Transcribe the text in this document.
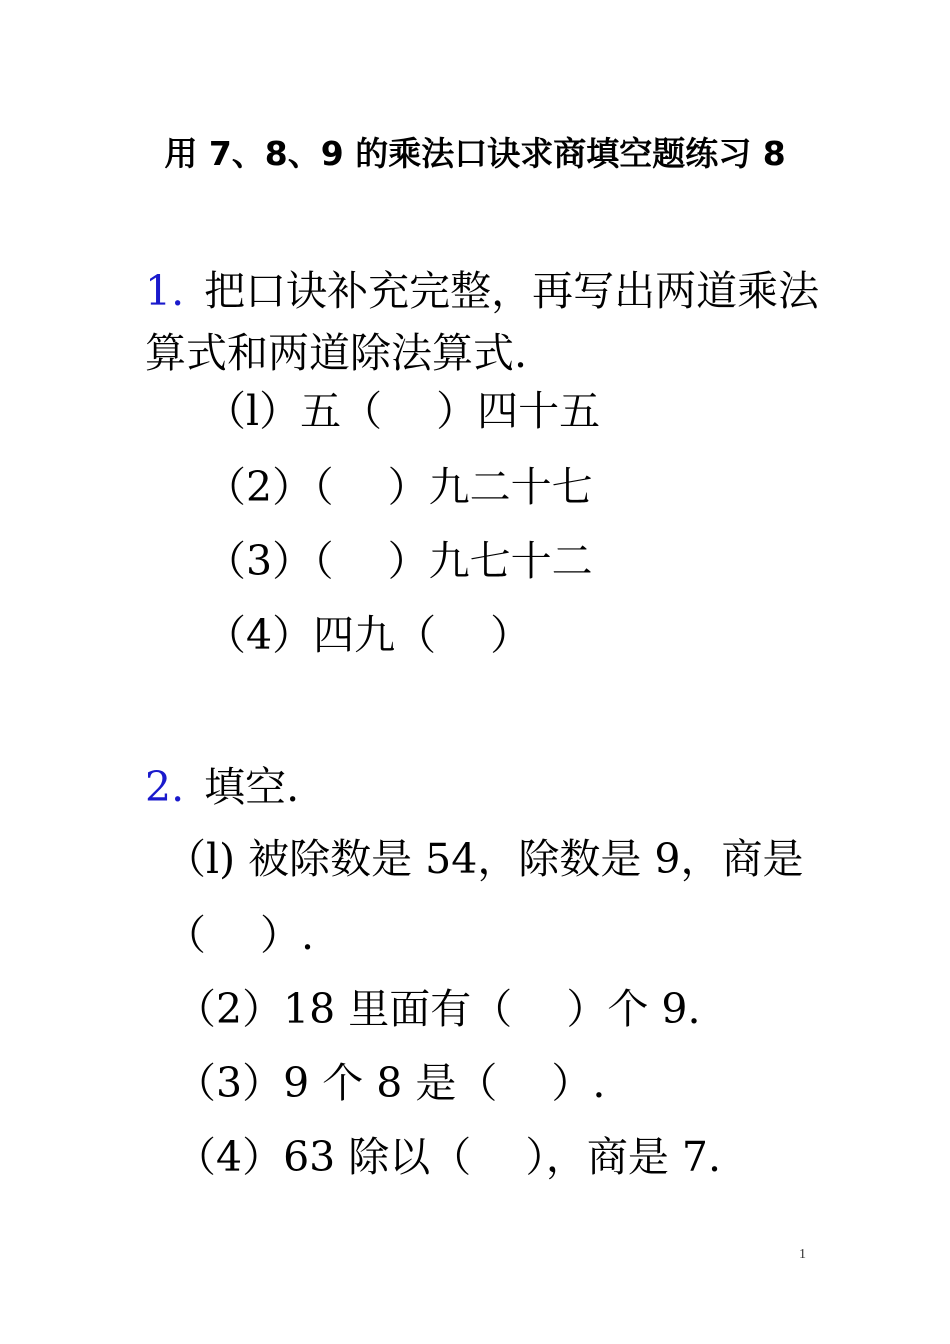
用 7、8、9 的乘法口诀求商填空题练习 8
1. 把口诀补充完整，再写出两道乘法算式和两道除法算式.
（l）五（　 ）四十五
（2）（　 ）九二十七
（3）（　 ）九七十二
（4）四九（　 ）
2. 填空.
（l) 被除数是 54，除数是 9，商是
（　 ）.
（2）18 里面有（　 ）个 9.
（3）9 个 8 是（　 ）.
（4）63 除以（　 ），商是 7.
1
